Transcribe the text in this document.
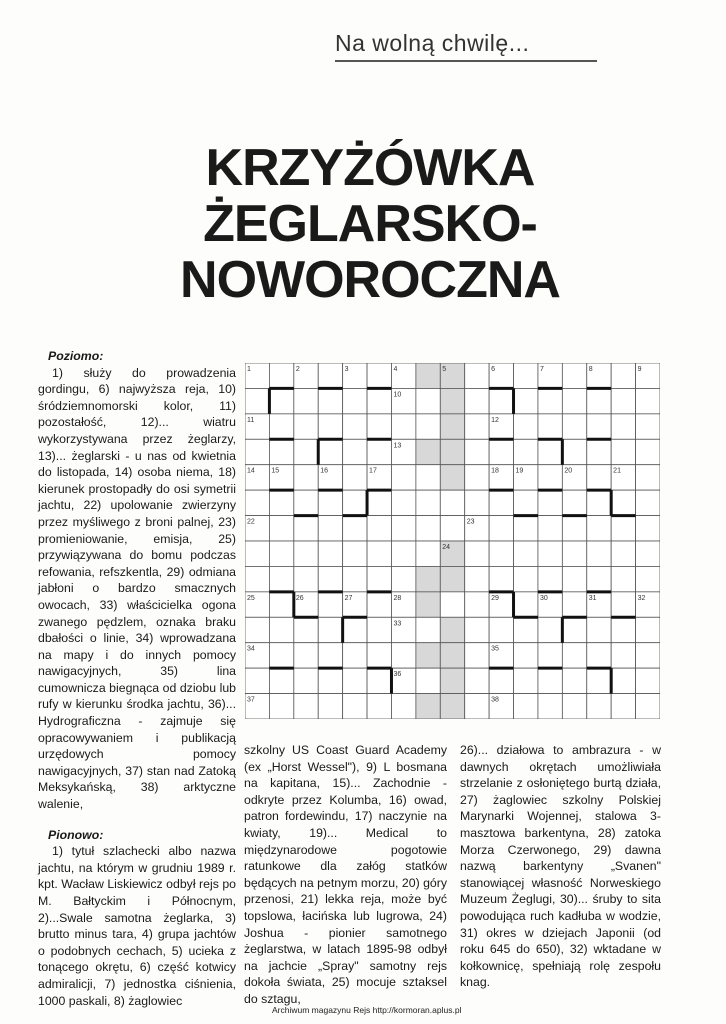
Na wolną chwilę...
KRZYŻÓWKA
ŻEGLARSKO-
NOWOROCZNA
Poziomo:

1) służy do prowadzenia gordingu, 6) najwyższa reja, 10) śródziemnomorski kolor, 11) pozostałość, 12)... wiatru wykorzystywana przez żeglarzy, 13)... żeglarski - u nas od kwietnia do listopada, 14) osoba niema, 18) kierunek prostopadły do osi symetrii jachtu, 22) upolowanie zwierzyny przez myśliwego z broni palnej, 23) promieniowanie, emisja, 25) przywiązywana do bomu podczas refowania, refszkentla, 29) odmiana jabłoni o bardzo smacznych owocach, 33) właścicielka ogona zwanego pędzlem, oznaka braku dbałości o linie, 34) wprowadzana na mapy i do innych pomocy nawigacyjnych, 35) lina cumownicza biegnąca od dziobu lub rufy w kierunku środka jachtu, 36)... Hydrograficzna - zajmuje się opracowywaniem i publikacją urzędowych pomocy nawigacyjnych, 37) stan nad Zatoką Meksykańską, 38) arktyczne walenie,

Pionowo:

1) tytuł szlachecki albo nazwa jachtu, na którym w grudniu 1989 r. kpt. Wacław Liskiewicz odbył rejs po M. Bałtyckim i Północnym, 2)...Swale samotna żeglarka, 3) brutto minus tara, 4) grupa jachtów o podobnych cechach, 5) ucieka z tonącego okrętu, 6) część kotwicy admiralicji, 7) jednostka ciśnienia, 1000 paskali, 8) żaglowiec

szkolny US Coast Guard Academy (ex „Horst Wessel"), 9) L bosmana na kapitana, 15)... Zachodnie - odkryte przez Kolumba, 16) owad, patron fordewindu, 17) naczynie na kwiaty, 19)... Medical to międzynarodowe pogotowie ratunkowe dla załóg statków będących na petnym morzu, 20) góry przenosi, 21) lekka reja, może być topslowa, łacińska lub lugrowa, 24) Joshua - pionier samotnego żeglarstwa, w latach 1895-98 odbył na jachcie „Spray" samotny rejs dokoła świata, 25) mocuje sztaksel do sztagu,

26)... działowa to ambrazura - w dawnych okrętach umożliwiała strzelanie z osłoniętego burtą działa, 27) żaglowiec szkolny Polskiej Marynarki Wojennej, stalowa 3-masztowa barkentyna, 28) zatoka Morza Czerwonego, 29) dawna nazwą barkentyny „Svanen" stanowiącej własność Norweskiego Muzeum Żeglugi, 30)... śruby to sita powodująca ruch kadłuba w wodzie, 31) okres w dziejach Japonii (od roku 645 do 650), 32) wktadane w kołkownicę, spełniają rolę zespołu knag.

1	2	3	4	5	6	7	8	9
10
11	12
13
14 15	16	17	18 19	20	21
22	23
24
25	26	27	28	29	30	31	32
33
34	35
36
37	38
Archiwum magazynu Rejs http://kormoran.aplus.pl
